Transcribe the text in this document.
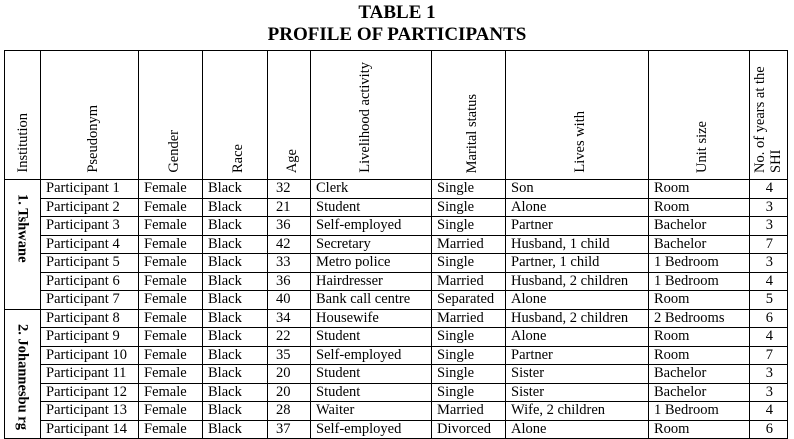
TABLE 1
PROFILE OF PARTICIPANTS
Institution	Pseudonym	Gender	Race	Age	Livelihood activity	Marital status	Lives with	Unit size	No. of years at the SHI

1. Tshwane	Participant 1	Female	Black	32	Clerk	Single	Son	Room	4
	Participant 2	Female	Black	21	Student	Single	Alone	Room	3
	Participant 3	Female	Black	36	Self-employed	Single	Partner	Bachelor	3
	Participant 4	Female	Black	42	Secretary	Married	Husband, 1 child	Bachelor	7
	Participant 5	Female	Black	33	Metro police	Single	Partner, 1 child	1 Bedroom	3
	Participant 6	Female	Black	36	Hairdresser	Married	Husband, 2 children	1 Bedroom	4
	Participant 7	Female	Black	40	Bank call centre	Separated	Alone	Room	5
2. Johannesbu rg	Participant 8	Female	Black	34	Housewife	Married	Husband, 2 children	2 Bedrooms	6
	Participant 9	Female	Black	22	Student	Single	Alone	Room	4
	Participant 10	Female	Black	35	Self-employed	Single	Partner	Room	7
	Participant 11	Female	Black	20	Student	Single	Sister	Bachelor	3
	Participant 12	Female	Black	20	Student	Single	Sister	Bachelor	3
	Participant 13	Female	Black	28	Waiter	Married	Wife, 2 children	1 Bedroom	4
	Participant 14	Female	Black	37	Self-employed	Divorced	Alone	Room	6
